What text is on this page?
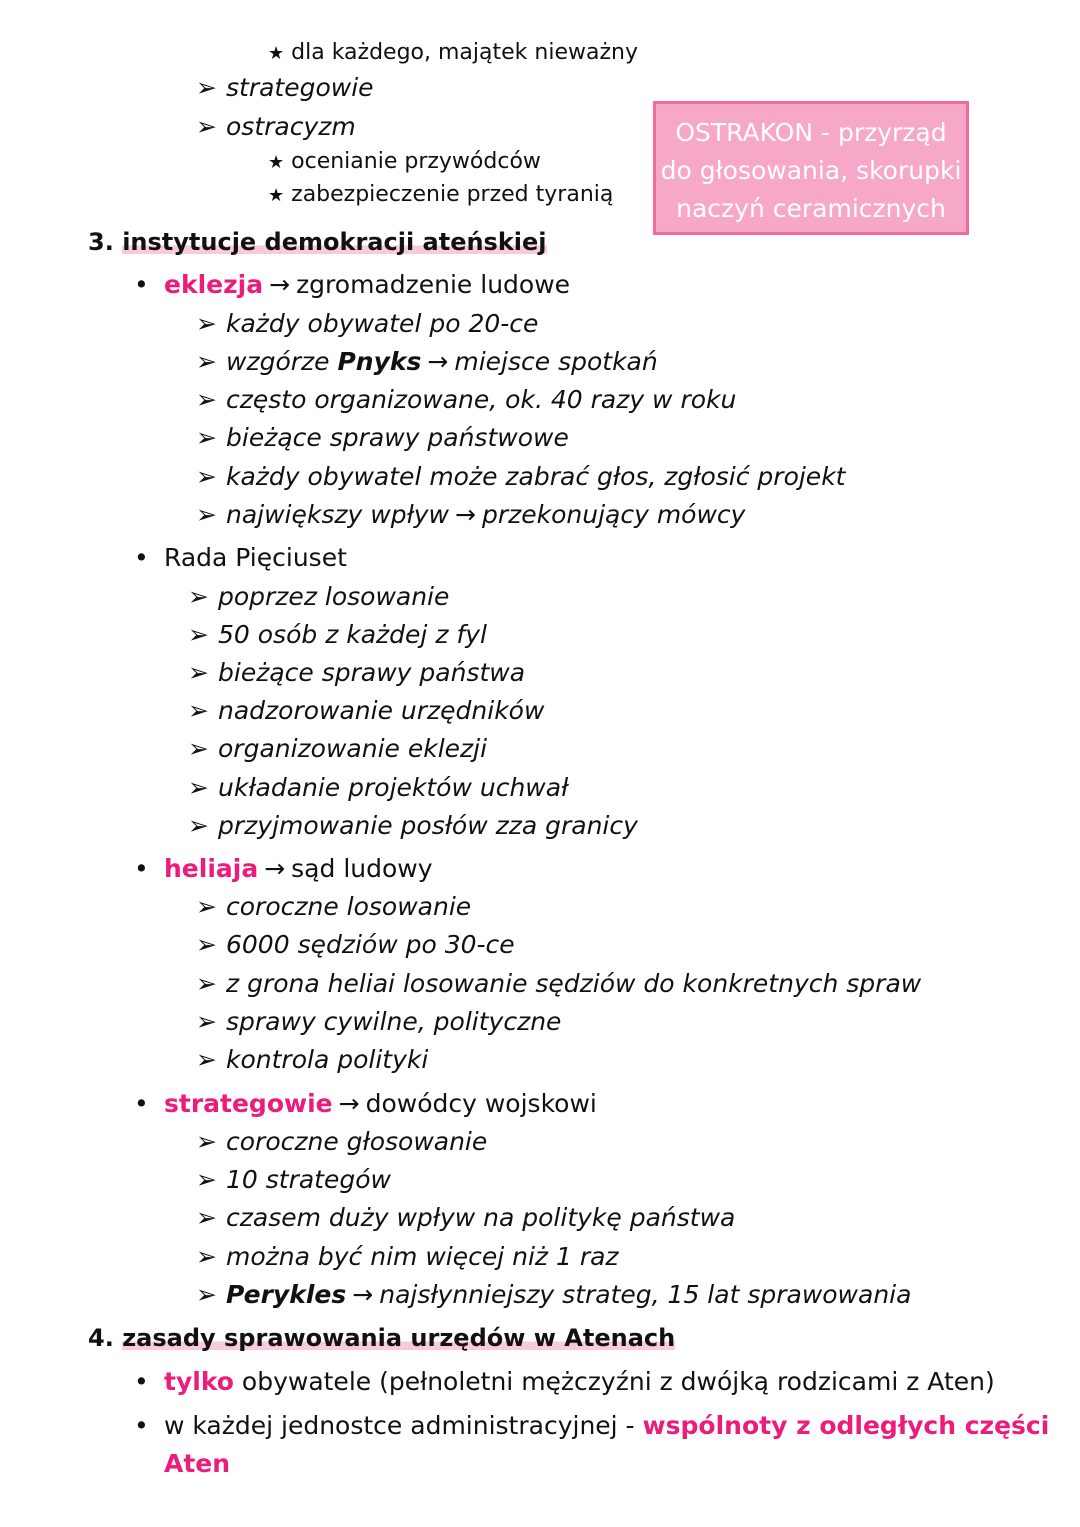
★ dla każdego, majątek nieważny
➢ strategowie
➢ ostracyzm
★ ocenianie przywódców
★ zabezpieczenie przed tyranią
OSTRAKON - przyrząd
do głosowania, skorupki
naczyń ceramicznych
3. instytucje demokracji ateńskiej
• eklezja → zgromadzenie ludowe
➢ każdy obywatel po 20-ce
➢ wzgórze Pnyks → miejsce spotkań
➢ często organizowane, ok. 40 razy w roku
➢ bieżące sprawy państwowe
➢ każdy obywatel może zabrać głos, zgłosić projekt
➢ największy wpływ → przekonujący mówcy
• Rada Pięciuset
➢ poprzez losowanie
➢ 50 osób z każdej z fyl
➢ bieżące sprawy państwa
➢ nadzorowanie urzędników
➢ organizowanie eklezji
➢ układanie projektów uchwał
➢ przyjmowanie posłów zza granicy
• heliaja → sąd ludowy
➢ coroczne losowanie
➢ 6000 sędziów po 30-ce
➢ z grona heliai losowanie sędziów do konkretnych spraw
➢ sprawy cywilne, polityczne
➢ kontrola polityki
• strategowie → dowódcy wojskowi
➢ coroczne głosowanie
➢ 10 strategów
➢ czasem duży wpływ na politykę państwa
➢ można być nim więcej niż 1 raz
➢ Perykles → najsłynniejszy strateg, 15 lat sprawowania
4. zasady sprawowania urzędów w Atenach
• tylko obywatele (pełnoletni mężczyźni z dwójką rodzicami z Aten)
• w każdej jednostce administracyjnej - wspólnoty z odległych części
Aten
